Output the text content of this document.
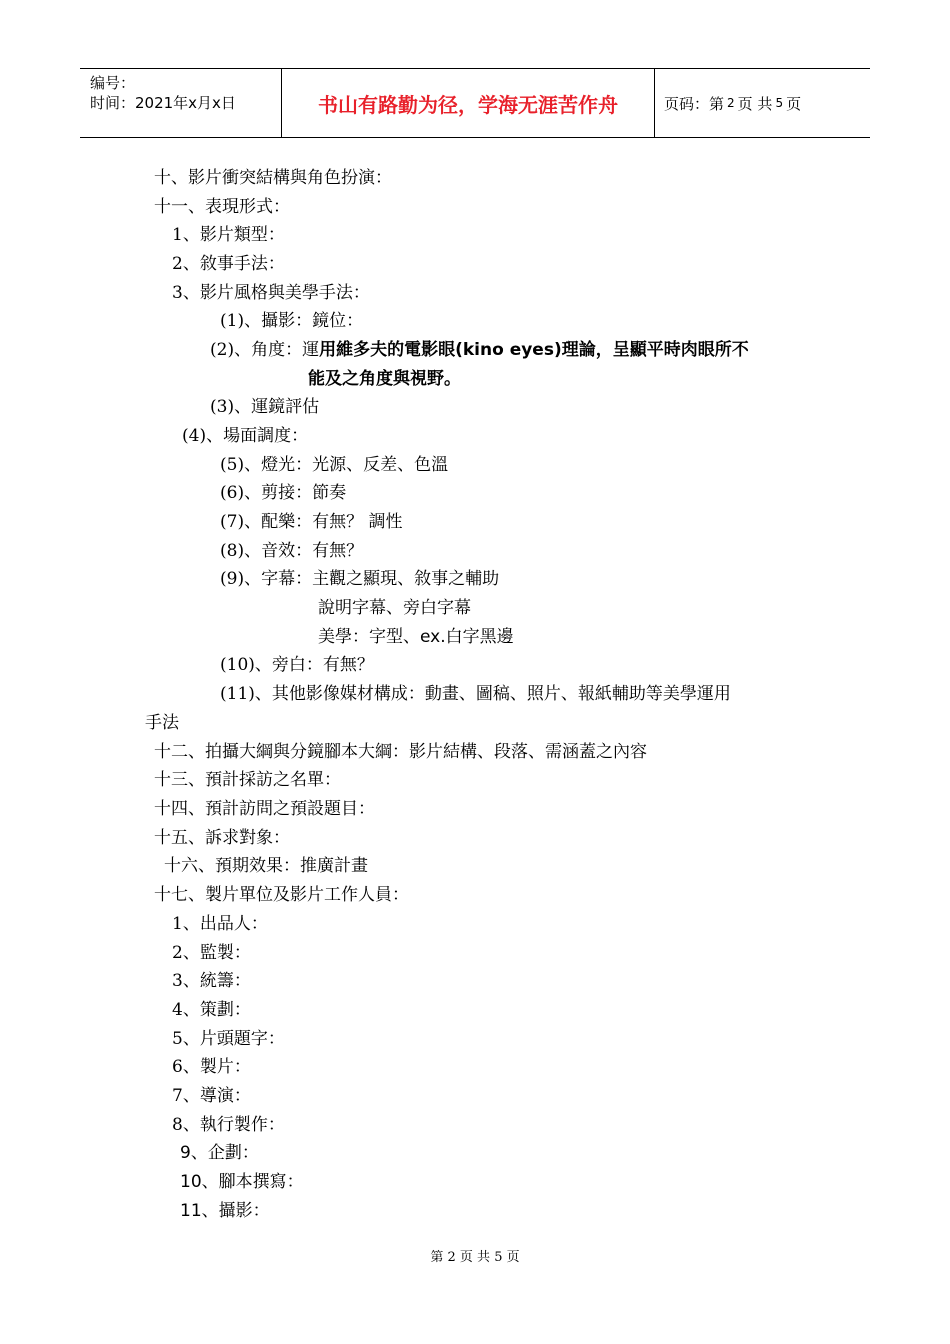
编号：
时间：2021年x月x日	书山有路勤为径，学海无涯苦作舟	页码：第 2 页 共 5 页
十、影片衝突結構與角色扮演：
十一、表現形式：
1、影片類型：
2、敘事手法：
3、影片風格與美學手法：
(1)、攝影：鏡位：
(2)、角度：運用維多夫的電影眼(kino eyes)理論，呈顯平時肉眼所不
能及之角度與視野。
(3)、運鏡評估
(4)、場面調度：
(5)、燈光：光源、反差、色溫
(6)、剪接：節奏
(7)、配樂：有無？ 調性
(8)、音效：有無？
(9)、字幕：主觀之顯現、敘事之輔助
說明字幕、旁白字幕
美學：字型、ex.白字黑邊
(10)、旁白：有無？
(11)、其他影像媒材構成：動畫、圖稿、照片、報紙輔助等美學運用
手法
十二、拍攝大綱與分鏡腳本大綱：影片結構、段落、需涵蓋之內容
十三、預計採訪之名單：
十四、預計訪問之預設題目：
十五、訴求對象：
十六、預期效果：推廣計畫
十七、製片單位及影片工作人員：
1、出品人：
2、監製：
3、統籌：
4、策劃：
5、片頭題字：
6、製片：
7、導演：
8、執行製作：
9、企劃：
10、腳本撰寫：
11、攝影：
第 2 页 共 5 页
